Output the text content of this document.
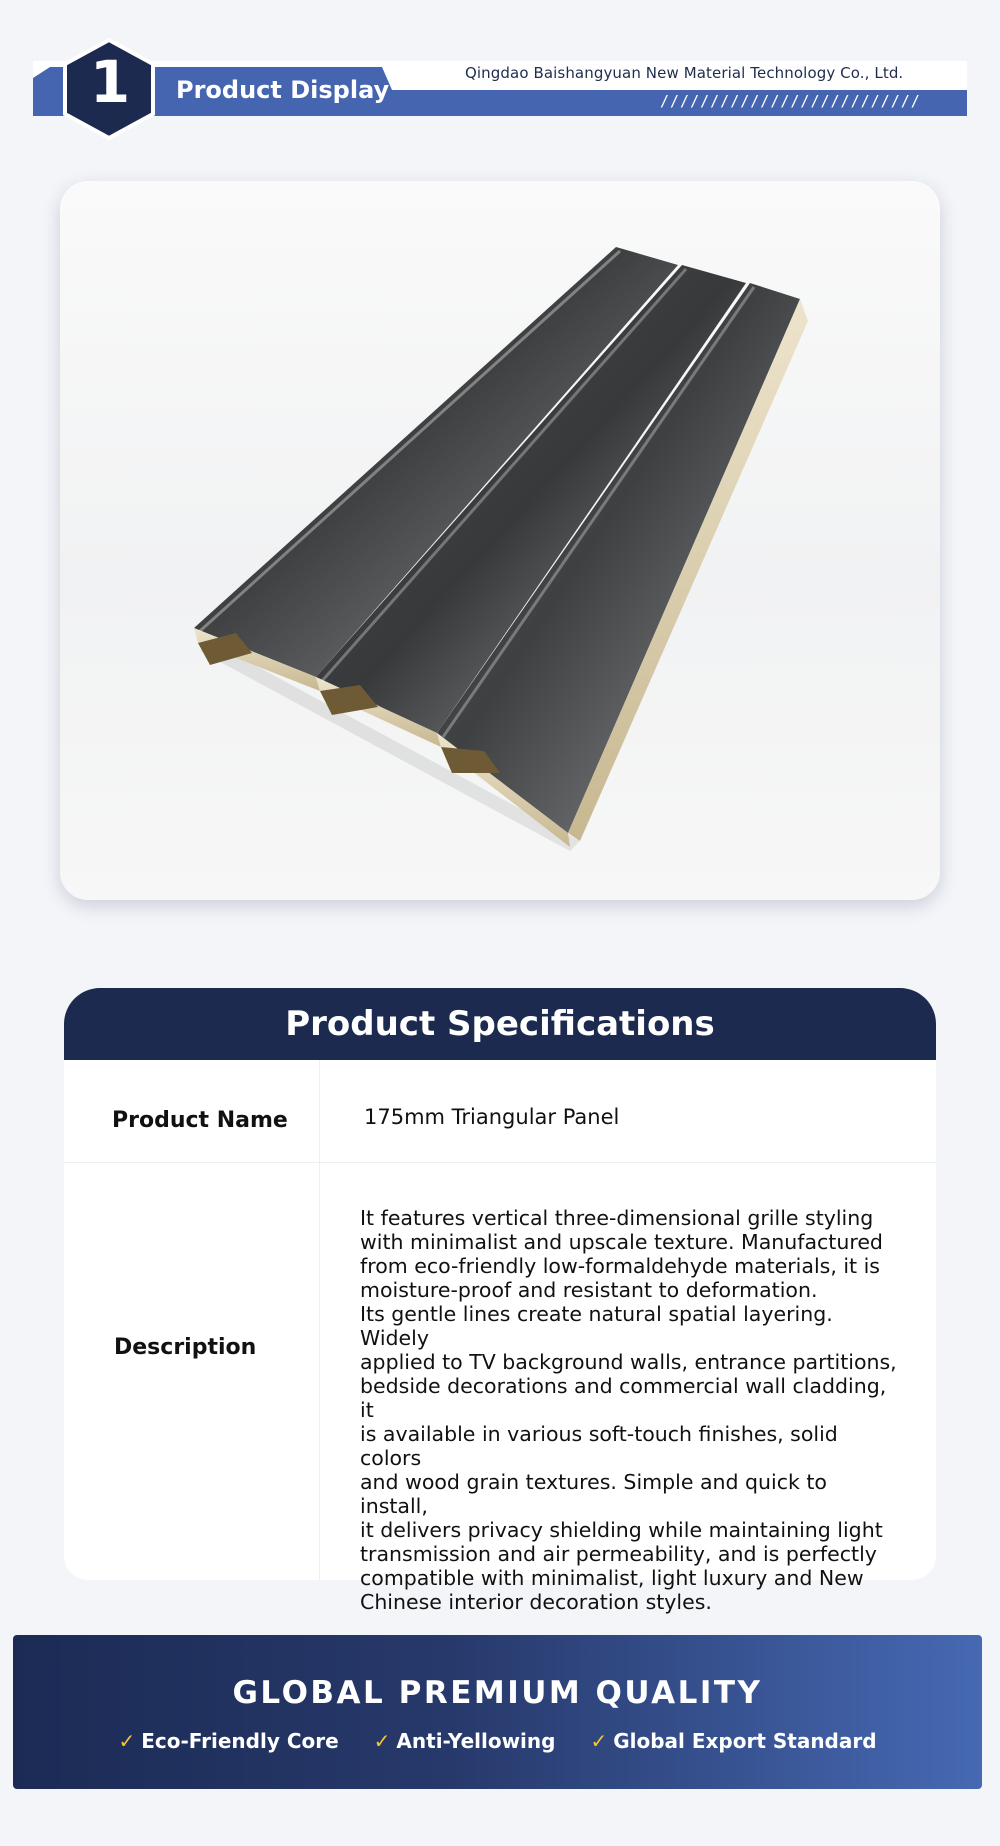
1	Product Display
Qingdao Baishangyuan New Material Technology Co., Ltd.
//////////////////////////
Product Specifications
Product Name	175mm Triangular Panel
Description
It features vertical three-dimensional grille styling
with minimalist and upscale texture. Manufactured
from eco-friendly low-formaldehyde materials, it is
moisture-proof and resistant to deformation.
Its gentle lines create natural spatial layering. Widely
applied to TV background walls, entrance partitions,
bedside decorations and commercial wall cladding, it
is available in various soft-touch finishes, solid colors
and wood grain textures. Simple and quick to install,
it delivers privacy shielding while maintaining light
transmission and air permeability, and is perfectly
compatible with minimalist, light luxury and New
Chinese interior decoration styles.
GLOBAL PREMIUM QUALITY
✓ Eco-Friendly Core ✓ Anti-Yellowing ✓ Global Export Standard
